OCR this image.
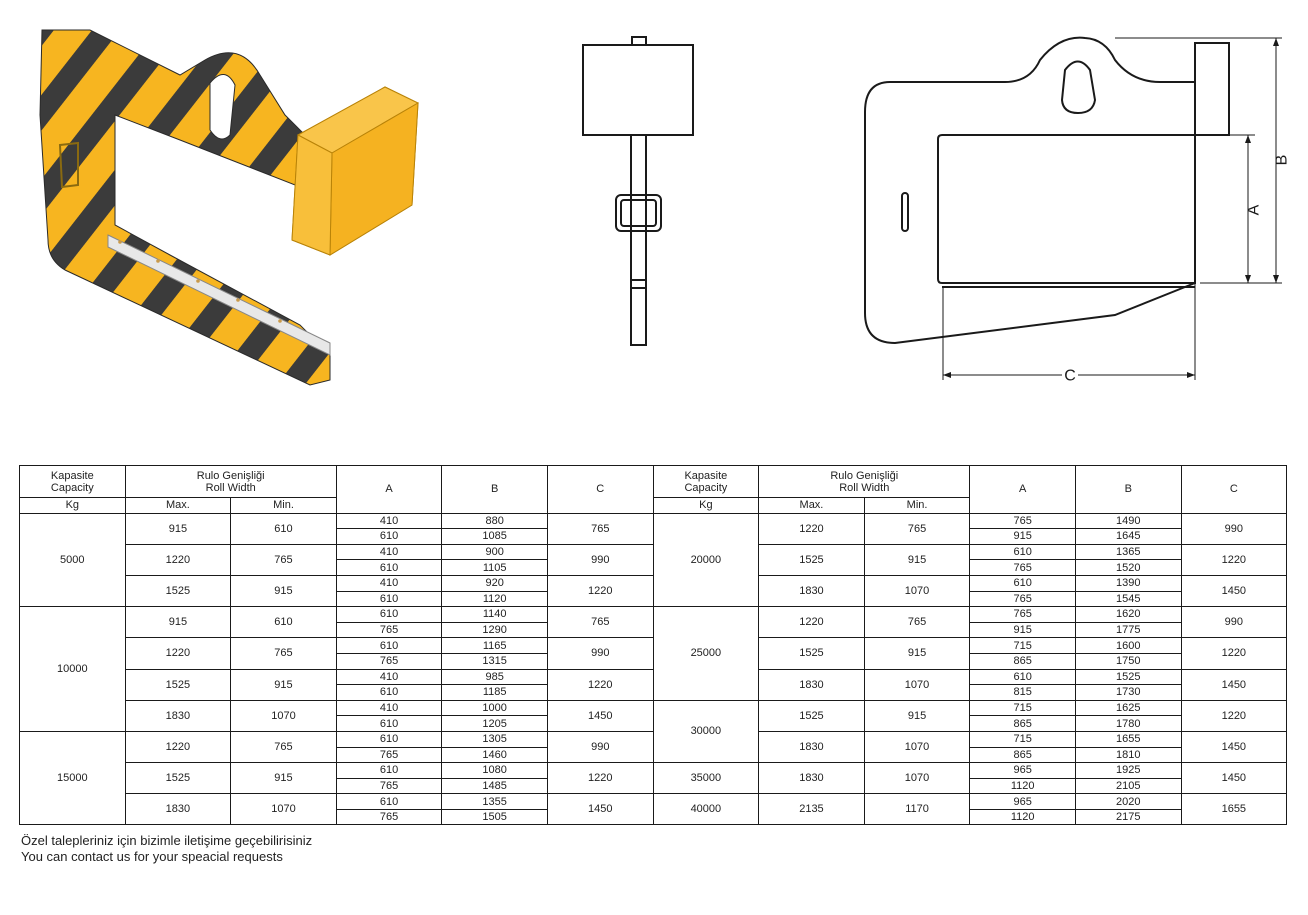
A
B
C
Kapasite
Capacity	Rulo Genişliği
Roll Width		A	B	C	Kapasite
Capacity	Rulo Genişliği
Roll Width		A	B	C
Kg	Max.	Min.				Kg	Max.	Min.			
5000	915	610	410	880	765	20000	1220	765	765	1490	990
			610	1085					915	1645	
	1220	765	410	900	990		1525	915	610	1365	1220
			610	1105					765	1520	
	1525	915	410	920	1220		1830	1070	610	1390	1450
			610	1120					765	1545	
10000	915	610	610	1140	765	25000	1220	765	765	1620	990
			765	1290					915	1775	
	1220	765	610	1165	990		1525	915	715	1600	1220
			765	1315					865	1750	
	1525	915	410	985	1220		1830	1070	610	1525	1450
			610	1185					815	1730	
	1830	1070	410	1000	1450	30000	1525	915	715	1625	1220
			610	1205					865	1780	
15000	1220	765	610	1305	990		1830	1070	715	1655	1450
			765	1460					865	1810	
	1525	915	610	1080	1220	35000	1830	1070	965	1925	1450
			765	1485					1120	2105	
	1830	1070	610	1355	1450	40000	2135	1170	965	2020	1655
			765	1505					1120	2175	
Özel talepleriniz için bizimle iletişime geçebilirisiniz
You can contact us for your speacial requests
